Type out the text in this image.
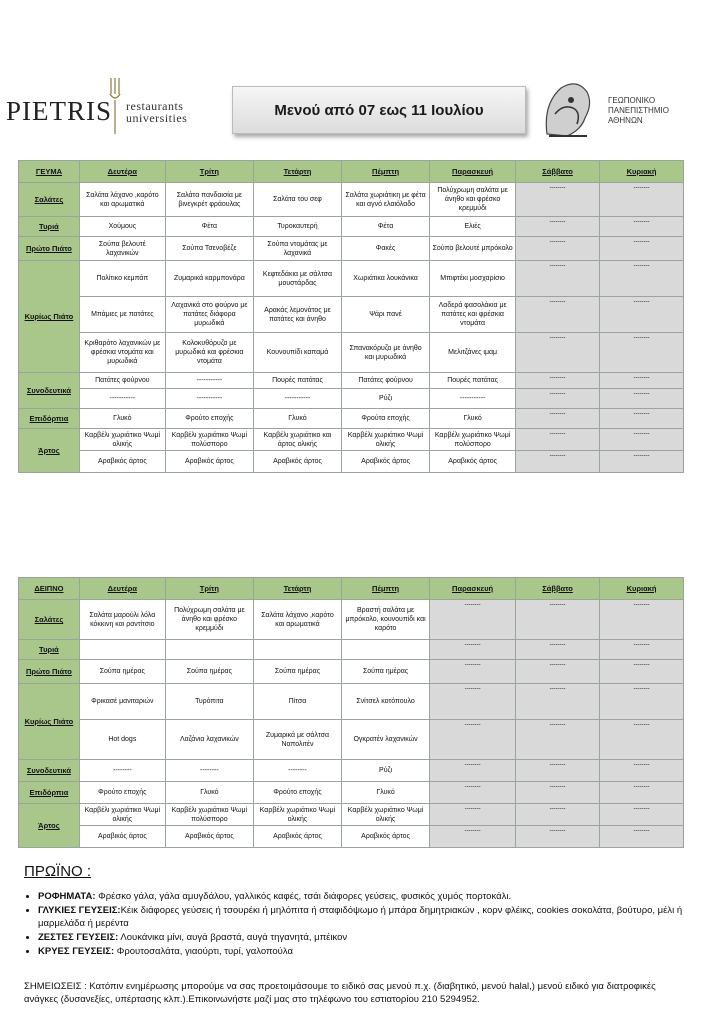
PIETRIS restaurants
universities	Μενού από 07 εως 11 Ιουλίου
ΓΕΩΠΟΝΙΚΟ
ΠΑΝΕΠΙΣΤΗΜΙΟ
ΑΘΗΝΩΝ
ΓΕΥΜΑ	Δευτέρα	Τρίτη	Τετάρτη	Πέμπτη	Παρασκευή	Σάββατο	Κυριακή
Σαλάτες	Σαλάτα λάχανο ,καρότο και αρωματικά	Σαλάτα πανδαισία με βινεγκρέτ φράουλας	Σαλάτα του σεφ	Σαλάτα χωριάτικη με φέτα και αγνό ελαιόλαδο	Πολύχρωμη σαλάτα με άνηθο και φρέσκο κρεμμύδι	--------	--------
Τυριά	Χούμους	Φέτα	Τυροκαυτερή	Φέτα	Ελιές	--------	--------
Πρώτο Πιάτο	Σούπα βελουτέ λαχανικών	Σούπα Τσενοβέζε	Σούπα ντομάτας με λαχανικά	Φακές	Σούπα βελουτέ μπρόκολο	--------	--------
Κυρίως Πιάτο	Πολίτικο κεμπάπ	Ζυμαρικά καρμπονάρα	Κεφτεδάκια με σάλτσα μουστάρδας	Χωριάτικα λουκάνικα	Μπιφτέκι μοσχαρίσιο	--------	--------
	Μπάμιες με πατάτες	Λαχανικά στο φούρνο με πατάτες διάφορα μυρωδικά	Αρακάς λεμονάτος με πατάτες και άνηθο	Ψάρι πανέ	Λαδερά φασολάκια με πατάτες και φρέσκια ντομάτα	--------	--------
	Κριθαρότο λαχανικών με φρέσκια ντομάτα και μυρωδικά	Κολοκυθόρυζο με μυρωδικά και φρέσκια ντομάτα	Κουνουπίδι καπαμά	Σπανακόρυζο με άνηθο και μυρωδικά	Μελιτζάνες ιμαμ	--------	--------
Συνοδευτικά	Πατάτες φούρνου	-----------	Πουρές πατάτας	Πατάτες φούρνου	Πουρές πατάτας	--------	--------
	-----------	-----------	-----------	Ρύζι	-----------	--------	--------
Επιδόρπια	Γλυκό	Φρούτο εποχής	Γλυκό	Φρούτα εποχής	Γλυκό	--------	--------
Άρτος	Καρβέλι χωριάτικο Ψωμί ολικής	Καρβέλι χωριάτικο Ψωμί πολύσπορο	Καρβέλι χωριάτικο και άρτος ολικής	Καρβέλι χωριάτικο Ψωμί ολικής	Καρβέλι χωριάτικο Ψωμί πολύσπορο	--------	--------
	Αραβικός άρτος	Αραβικός άρτος	Αραβικός άρτος	Αραβικός άρτος	Αραβικός άρτος	--------	--------
ΔΕΙΠΝΟ	Δευτέρα	Τρίτη	Τετάρτη	Πέμπτη	Παρασκευή	Σάββατο	Κυριακή
Σαλάτες	Σαλάτα μαρούλι λόλα κόκκινη και ραντίτσιο	Πολύχρωμη σαλάτα με άνηθο και φρέσκο κρεμμύδι	Σαλάτα λάχανο ,καρότο και αρωματικά	Βραστή σαλάτα με μπρόκολο, κουνουπίδι και καρότο	--------	--------	--------
Τυριά					--------	--------	--------
Πρώτο Πιάτο	Σούπα ημέρας	Σούπα ημέρας	Σούπα ημέρας	Σούπα ημέρας	--------	--------	--------
Κυρίως Πιάτο	Φρικασέ μανιταριών	Τυρόπιτα	Πίτσα	Σνίτσελ κοτόπουλο	--------	--------	--------
	Hot dogs	Λαζάνια λαχανικών	Ζυμαρικά με σάλτσα Ναπολιτέν	Ογκρατέν λαχανικών	--------	--------	--------
Συνοδευτικά	--------	--------	--------	Ρύζι	--------	--------	--------
Επιδόρπια	Φρούτο εποχής	Γλυκό	Φρούτο εποχής	Γλυκό	--------	--------	--------
Άρτος	Καρβέλι χωριάτικο Ψωμί ολικής	Καρβέλι χωριάτικο Ψωμί πολύσπορο	Καρβέλι χωριάτικο Ψωμί ολικής	Καρβέλι χωριάτικο Ψωμί ολικής	--------	--------	--------
	Αραβικός άρτος	Αραβικός άρτος	Αραβικός άρτος	Αραβικός άρτος	--------	--------	--------
ΠΡΩΪΝΟ :
• ΡΟΦΗΜΑΤΑ: Φρέσκο γάλα, γάλα αμυγδάλου, γαλλικός καφές, τσάι διάφορες γεύσεις, φυσικός χυμός πορτοκάλι.
• ΓΛΥΚΙΕΣ ΓΕΥΣΕΙΣ:Κέικ διάφορες γεύσεις ή τσουρέκι ή μηλόπιτα ή σταφιδόψωμο ή μπάρα δημητριακών , κορν φλέικς, cookies σοκολάτα, βούτυρο, μέλι ή μαρμελάδα ή μερέντα
• ΖΕΣΤΕΣ ΓΕΥΣΕΙΣ: Λουκάνικα μίνι, αυγά βραστά, αυγά τηγανητά, μπέικον
• ΚΡΥΕΣ ΓΕΥΣΕΙΣ: Φρουτοσαλάτα, γιαούρτι, τυρί, γαλοπούλα
ΣΗΜΕΙΩΣΕΙΣ : Κατόπιν ενημέρωσης μπορούμε να σας προετοιμάσουμε το ειδικό σας μενού π.χ. (διαβητικό, μενού halal,) μενού ειδικό για διατροφικές ανάγκες (δυσανεξίες, υπέρτασης κλπ.).Επικοινωνήστε μαζί μας στο τηλέφωνο του εστιατορίου 210 5294952.
